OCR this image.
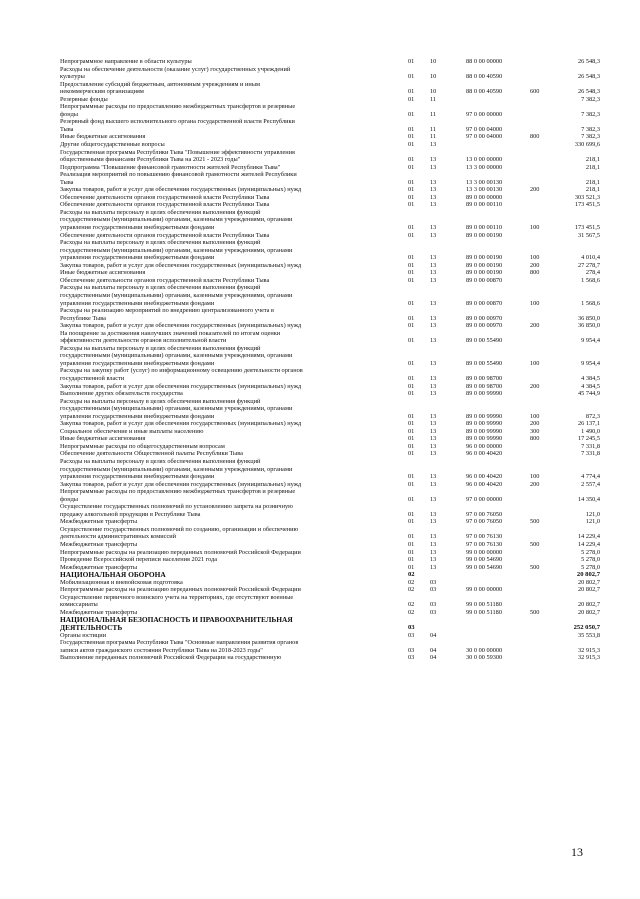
Непрограммное направление в области культуры	01	10	88 0 00 00000	26 548,3
Расходы на обеспечение деятельности (оказание услуг) государственных учреждений
культуры	01	10	88 0 00 40590	26 548,3
Предоставление субсидий бюджетным, автономным учреждениям и иным
некоммерческим организациям	01	10	88 0 00 40590	600	26 548,3
Резервные фонды	01	11	7 382,3
Непрограммные расходы по предоставлению межбюджетных трансфертов и резервные
фонды	01	11	97 0 00 00000	7 382,3
Резервный фонд высшего исполнительного органа государственной власти Республики
Тыва	01	11	97 0 00 04000	7 382,3
Иные бюджетные ассигнования	01	11	97 0 00 04000	800	7 382,3
Другие общегосударственные вопросы	01	13	330 699,6
Государственная программа Республики Тыва "Повышение эффективности управления
общественными финансами Республики Тыва на 2021 - 2023 годы"	01	13	13 0 00 00000	218,1
Подпрограмма "Повышение финансовой грамотности жителей Республики Тыва"	01	13	13 3 00 00000	218,1
Реализация мероприятий по повышению финансовой грамотности жителей Республики
Тыва	01	13	13 3 00 00130	218,1
Закупка товаров, работ и услуг для обеспечения государственных (муниципальных) нужд	01	13	13 3 00 00130	200	218,1
Обеспечение деятельности органов государственной власти Республики Тыва	01	13	89 0 00 00000	303 521,3
Обеспечение деятельности органов государственной власти Республики Тыва	01	13	89 0 00 00110	173 451,5
Расходы на выплаты персоналу в целях обеспечения выполнения функций
государственными (муниципальными) органами, казенными учреждениями, органами
управления государственными внебюджетными фондами	01	13	89 0 00 00110	100	173 451,5
Обеспечение деятельности органов государственной власти Республики Тыва	01	13	89 0 00 00190	31 567,5
Расходы на выплаты персоналу в целях обеспечения выполнения функций
государственными (муниципальными) органами, казенными учреждениями, органами
управления государственными внебюджетными фондами	01	13	89 0 00 00190	100	4 010,4
Закупка товаров, работ и услуг для обеспечения государственных (муниципальных) нужд	01	13	89 0 00 00190	200	27 278,7
Иные бюджетные ассигнования	01	13	89 0 00 00190	800	278,4
Обеспечение деятельности органов государственной власти Республики Тыва	01	13	89 0 00 00870	1 568,6
Расходы на выплаты персоналу в целях обеспечения выполнения функций
государственными (муниципальными) органами, казенными учреждениями, органами
управления государственными внебюджетными фондами	01	13	89 0 00 00870	100	1 568,6
Расходы на реализацию мероприятий по внедрению централизованного учета в
Республике Тыва	01	13	89 0 00 00970	36 850,0
Закупка товаров, работ и услуг для обеспечения государственных (муниципальных) нужд	01	13	89 0 00 00970	200	36 850,0
На поощрение за достижения наилучших значений показателей по итогам оценки
эффективности деятельности органов исполнительной власти	01	13	89 0 00 55490	9 954,4
Расходы на выплаты персоналу в целях обеспечения выполнения функций
государственными (муниципальными) органами, казенными учреждениями, органами
управления государственными внебюджетными фондами	01	13	89 0 00 55490	100	9 954,4
Расходы на закупку работ (услуг) по информационному освещению деятельности органов
государственной власти	01	13	89 0 00 98700	4 384,5
Закупка товаров, работ и услуг для обеспечения государственных (муниципальных) нужд	01	13	89 0 00 98700	200	4 384,5
Выполнение других обязательств государства	01	13	89 0 00 99990	45 744,9
Расходы на выплаты персоналу в целях обеспечения выполнения функций
государственными (муниципальными) органами, казенными учреждениями, органами
управления государственными внебюджетными фондами	01	13	89 0 00 99990	100	872,3
Закупка товаров, работ и услуг для обеспечения государственных (муниципальных) нужд	01	13	89 0 00 99990	200	26 137,1
Социальное обеспечение и иные выплаты населению	01	13	89 0 00 99990	300	1 490,0
Иные бюджетные ассигнования	01	13	89 0 00 99990	800	17 245,5
Непрограммные расходы по общегосударственным вопросам	01	13	96 0 00 00000	7 331,8
Обеспечение деятельности Общественной палаты Республики Тыва	01	13	96 0 00 40420	7 331,8
Расходы на выплаты персоналу в целях обеспечения выполнения функций
государственными (муниципальными) органами, казенными учреждениями, органами
управления государственными внебюджетными фондами	01	13	96 0 00 40420	100	4 774,4
Закупка товаров, работ и услуг для обеспечения государственных (муниципальных) нужд	01	13	96 0 00 40420	200	2 557,4
Непрограммные расходы по предоставлению межбюджетных трансфертов и резервные
фонды	01	13	97 0 00 00000	14 350,4
Осуществление государственных полномочий по установлению запрета на розничную
продажу алкогольной продукции в Республике Тыва	01	13	97 0 00 76050	121,0
Межбюджетные трансферты	01	13	97 0 00 76050	500	121,0
Осуществление государственных полномочий по созданию, организации и обеспечению
деятельности административных комиссий	01	13	97 0 00 76130	14 229,4
Межбюджетные трансферты	01	13	97 0 00 76130	500	14 229,4
Непрограммные расходы на реализацию переданных полномочий Российской Федерации	01	13	99 0 00 00000	5 278,0
Проведение Всероссийской переписи населения 2021 года	01	13	99 0 00 54690	5 278,0
Межбюджетные трансферты	01	13	99 0 00 54690	500	5 278,0
НАЦИОНАЛЬНАЯ ОБОРОНА	02	20 802,7
Мобилизационная и вневойсковая подготовка	02	03	20 802,7
Непрограммные расходы на реализацию переданных полномочий Российской Федерации	02	03	99 0 00 00000	20 802,7
Осуществление первичного воинского учета на территориях, где отсутствуют военные
комиссариаты	02	03	99 0 00 51180	20 802,7
Межбюджетные трансферты	02	03	99 0 00 51180	500	20 802,7
НАЦИОНАЛЬНАЯ БЕЗОПАСНОСТЬ И ПРАВООХРАНИТЕЛЬНАЯ
ДЕЯТЕЛЬНОСТЬ	03	252 050,7
Органы юстиции	03	04	35 553,8
Государственная программа Республики Тыва "Основные направления развития органов
записи актов гражданского состояния Республики Тыва на 2018-2023 годы"	03	04	30 0 00 00000	32 915,3
Выполнение переданных полномочий Российской Федерации на государственную	03	04	30 0 00 59300	32 915,3
13
